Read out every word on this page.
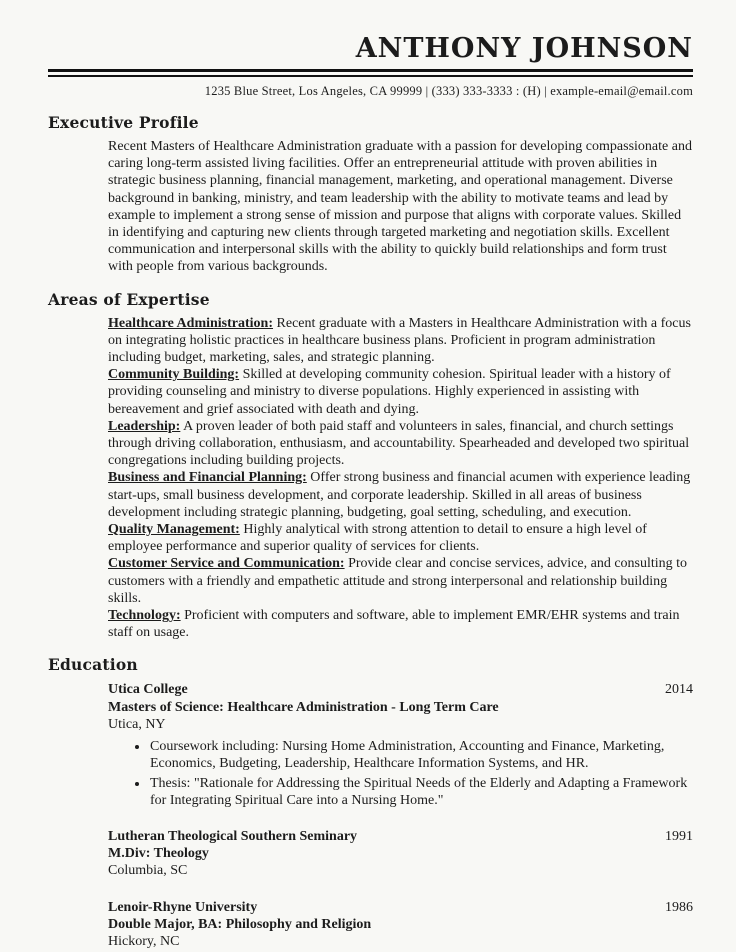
ANTHONY JOHNSON
1235 Blue Street, Los Angeles, CA 99999 | (333) 333-3333 : (H) | example-email@email.com
Executive Profile
Recent Masters of Healthcare Administration graduate with a passion for developing compassionate and caring long-term assisted living facilities. Offer an entrepreneurial attitude with proven abilities in strategic business planning, financial management, marketing, and operational management. Diverse background in banking, ministry, and team leadership with the ability to motivate teams and lead by example to implement a strong sense of mission and purpose that aligns with corporate values. Skilled in identifying and capturing new clients through targeted marketing and negotiation skills. Excellent communication and interpersonal skills with the ability to quickly build relationships and form trust with people from various backgrounds.
Areas of Expertise

Healthcare Administration: Recent graduate with a Masters in Healthcare Administration with a focus on integrating holistic practices in healthcare business plans. Proficient in program administration including budget, marketing, sales, and strategic planning.

Community Building: Skilled at developing community cohesion. Spiritual leader with a history of providing counseling and ministry to diverse populations. Highly experienced in assisting with bereavement and grief associated with death and dying.

Leadership: A proven leader of both paid staff and volunteers in sales, financial, and church settings through driving collaboration, enthusiasm, and accountability. Spearheaded and developed two spiritual congregations including building projects.

Business and Financial Planning: Offer strong business and financial acumen with experience leading start-ups, small business development, and corporate leadership. Skilled in all areas of business development including strategic planning, budgeting, goal setting, scheduling, and execution.

Quality Management: Highly analytical with strong attention to detail to ensure a high level of employee performance and superior quality of services for clients.

Customer Service and Communication: Provide clear and concise services, advice, and consulting to customers with a friendly and empathetic attitude and strong interpersonal and relationship building skills.

Technology: Proficient with computers and software, able to implement EMR/EHR systems and train staff on usage.

Education
Utica College	2014
Masters of Science: Healthcare Administration - Long Term Care
Utica, NY
• Coursework including: Nursing Home Administration, Accounting and Finance, Marketing, Economics, Budgeting, Leadership, Healthcare Information Systems, and HR.
• Thesis: "Rationale for Addressing the Spiritual Needs of the Elderly and Adapting a Framework for Integrating Spiritual Care into a Nursing Home."
Lutheran Theological Southern Seminary	1991
M.Div: Theology
Columbia, SC
Lenoir-Rhyne University	1986
Double Major, BA: Philosophy and Religion
Hickory, NC
